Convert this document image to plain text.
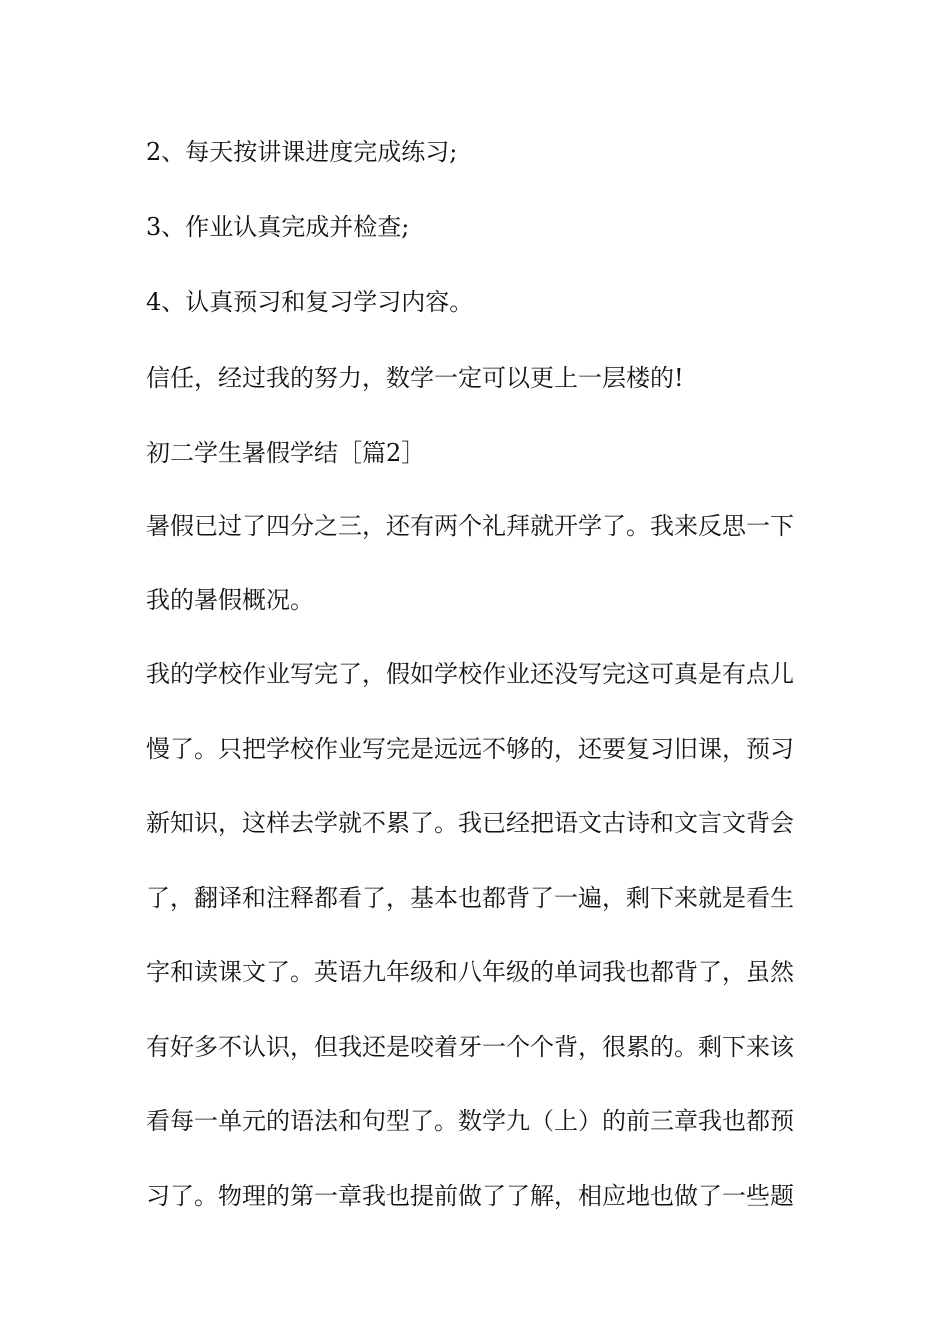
2、每天按讲课进度完成练习;

3、作业认真完成并检查;

4、认真预习和复习学习内容。

信任，经过我的努力，数学一定可以更上一层楼的!

初二学生暑假学结［篇2］

暑假已过了四分之三，还有两个礼拜就开学了。我来反思一下

我的暑假概况。

我的学校作业写完了，假如学校作业还没写完这可真是有点儿

慢了。只把学校作业写完是远远不够的，还要复习旧课，预习

新知识，这样去学就不累了。我已经把语文古诗和文言文背会

了，翻译和注释都看了，基本也都背了一遍，剩下来就是看生

字和读课文了。英语九年级和八年级的单词我也都背了，虽然

有好多不认识，但我还是咬着牙一个个背，很累的。剩下来该

看每一单元的语法和句型了。数学九（上）的前三章我也都预

习了。物理的第一章我也提前做了了解，相应地也做了一些题
